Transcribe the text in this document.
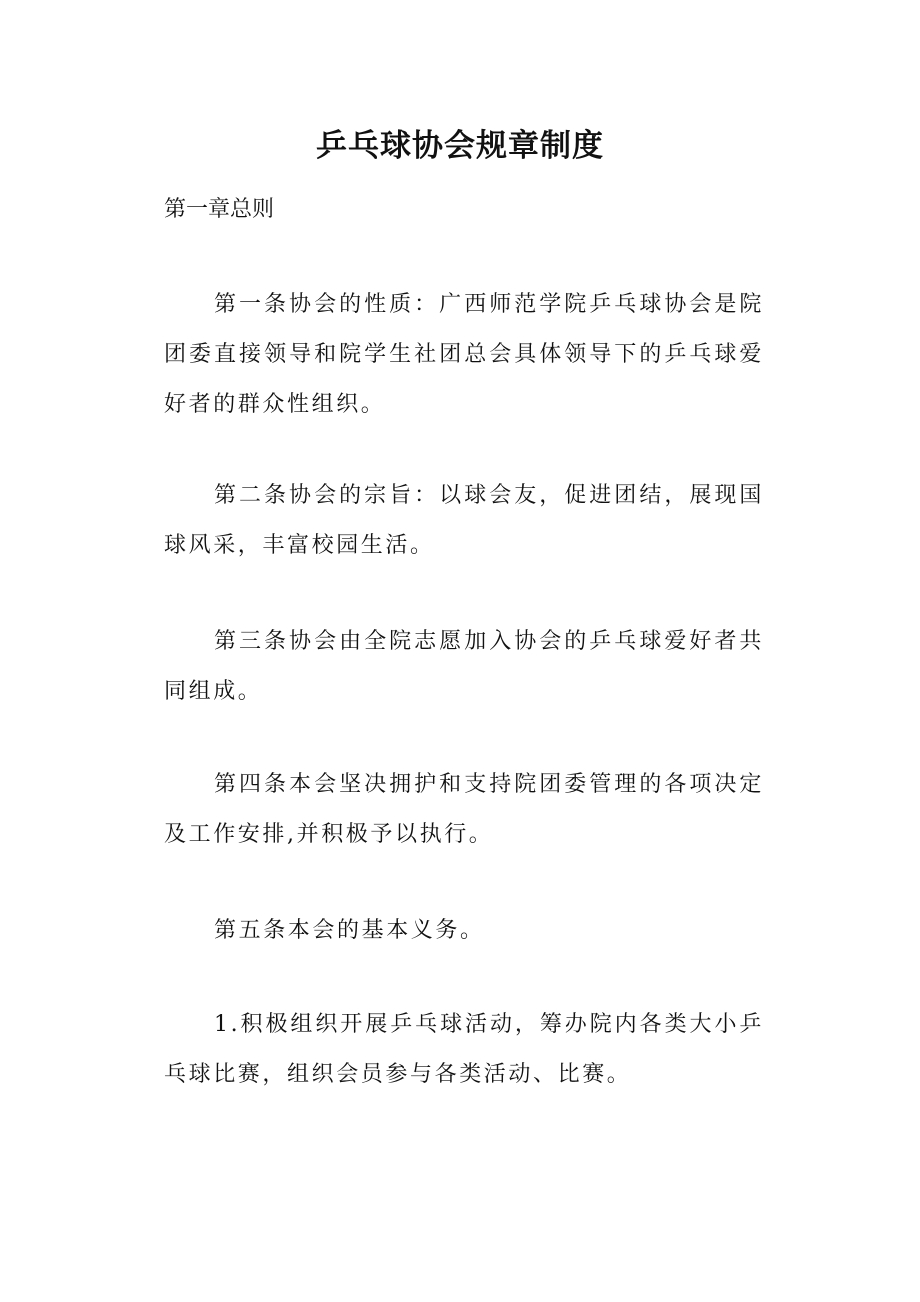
乒乓球协会规章制度

第一章总则

第一条协会的性质：广西师范学院乒乓球协会是院团委直接领导和院学生社团总会具体领导下的乒乓球爱好者的群众性组织。

第二条协会的宗旨：以球会友，促进团结，展现国球风采，丰富校园生活。

第三条协会由全院志愿加入协会的乒乓球爱好者共同组成。

第四条本会坚决拥护和支持院团委管理的各项决定及工作安排,并积极予以执行。

第五条本会的基本义务。

1.积极组织开展乒乓球活动，筹办院内各类大小乒乓球比赛，组织会员参与各类活动、比赛。
